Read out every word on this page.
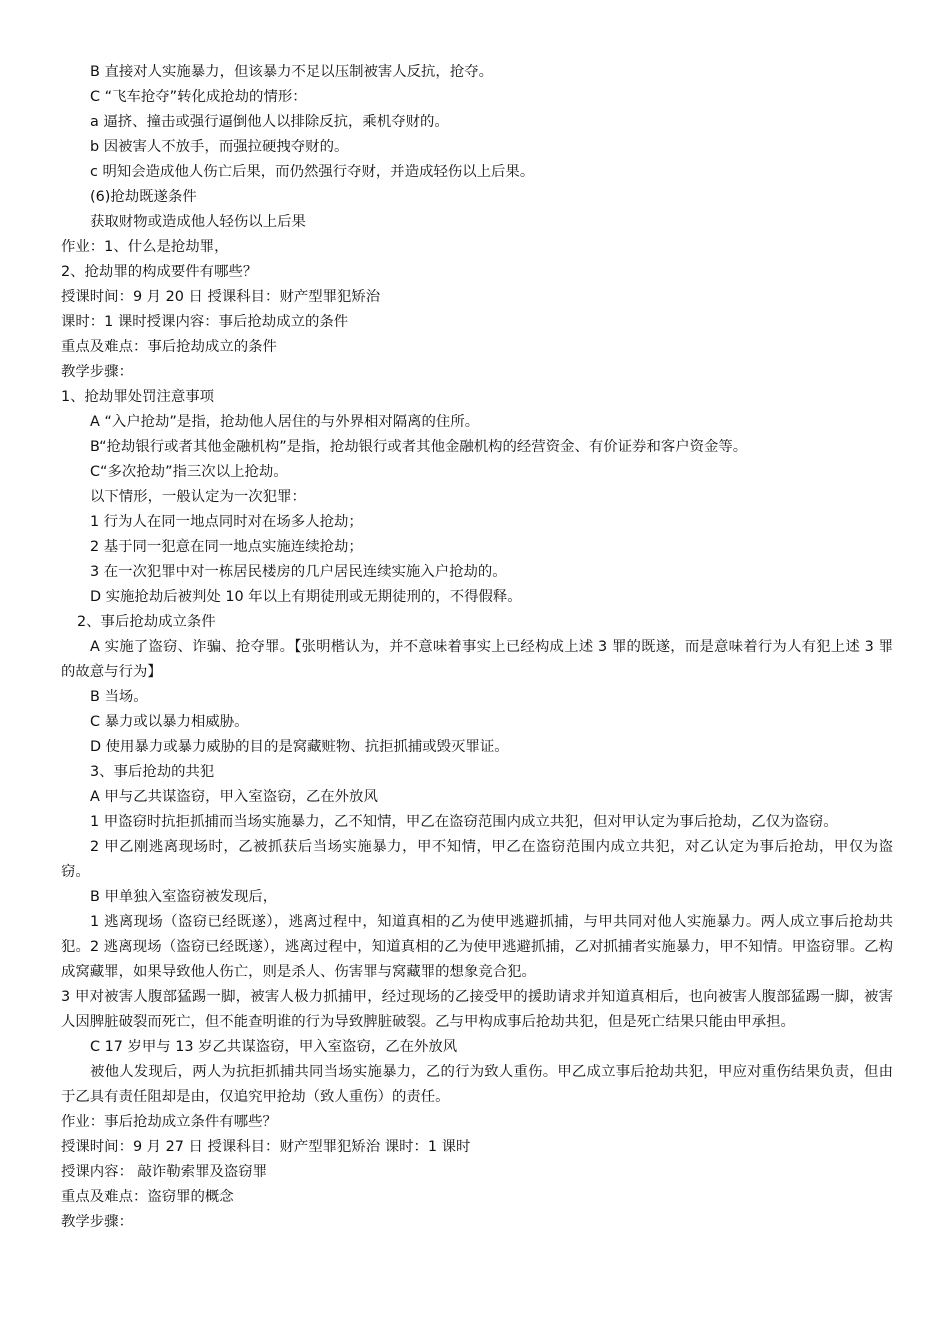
B 直接对人实施暴力，但该暴力不足以压制被害人反抗，抢夺。

C “飞车抢夺”转化成抢劫的情形：

a 逼挤、撞击或强行逼倒他人以排除反抗，乘机夺财的。

b 因被害人不放手，而强拉硬拽夺财的。

c 明知会造成他人伤亡后果，而仍然强行夺财，并造成轻伤以上后果。

(6)抢劫既遂条件

获取财物或造成他人轻伤以上后果

作业：1、什么是抢劫罪，

2、抢劫罪的构成要件有哪些？

授课时间：9 月 20 日 授课科目：财产型罪犯矫治

课时：1 课时授课内容：事后抢劫成立的条件

重点及难点：事后抢劫成立的条件

教学步骤：

1、抢劫罪处罚注意事项

A “入户抢劫”是指，抢劫他人居住的与外界相对隔离的住所。

B“抢劫银行或者其他金融机构”是指，抢劫银行或者其他金融机构的经营资金、有价证券和客户资金等。

C“多次抢劫”指三次以上抢劫。

以下情形，一般认定为一次犯罪：

1 行为人在同一地点同时对在场多人抢劫；

2 基于同一犯意在同一地点实施连续抢劫；

3 在一次犯罪中对一栋居民楼房的几户居民连续实施入户抢劫的。

D 实施抢劫后被判处 10 年以上有期徒刑或无期徒刑的，不得假释。

2、事后抢劫成立条件

A 实施了盗窃、诈骗、抢夺罪。【张明楷认为，并不意味着事实上已经构成上述 3 罪的既遂，而是意味着行为人有犯上述 3 罪的故意与行为】

B 当场。

C 暴力或以暴力相威胁。

D 使用暴力或暴力威胁的目的是窝藏赃物、抗拒抓捕或毁灭罪证。

3、事后抢劫的共犯

A 甲与乙共谋盗窃，甲入室盗窃，乙在外放风

1 甲盗窃时抗拒抓捕而当场实施暴力，乙不知情，甲乙在盗窃范围内成立共犯，但对甲认定为事后抢劫，乙仅为盗窃。

2 甲乙刚逃离现场时，乙被抓获后当场实施暴力，甲不知情，甲乙在盗窃范围内成立共犯，对乙认定为事后抢劫，甲仅为盗窃。

B 甲单独入室盗窃被发现后，

1 逃离现场（盗窃已经既遂），逃离过程中，知道真相的乙为使甲逃避抓捕，与甲共同对他人实施暴力。两人成立事后抢劫共犯。2 逃离现场（盗窃已经既遂），逃离过程中，知道真相的乙为使甲逃避抓捕，乙对抓捕者实施暴力，甲不知情。甲盗窃罪。乙构成窝藏罪，如果导致他人伤亡，则是杀人、伤害罪与窝藏罪的想象竞合犯。

3 甲对被害人腹部猛踢一脚，被害人极力抓捕甲，经过现场的乙接受甲的援助请求并知道真相后，也向被害人腹部猛踢一脚，被害人因脾脏破裂而死亡，但不能查明谁的行为导致脾脏破裂。乙与甲构成事后抢劫共犯，但是死亡结果只能由甲承担。

C 17 岁甲与 13 岁乙共谋盗窃，甲入室盗窃，乙在外放风

被他人发现后，两人为抗拒抓捕共同当场实施暴力，乙的行为致人重伤。甲乙成立事后抢劫共犯，甲应对重伤结果负责，但由于乙具有责任阻却是由，仅追究甲抢劫（致人重伤）的责任。

作业：事后抢劫成立条件有哪些？

授课时间：9 月 27 日 授课科目：财产型罪犯矫治 课时：1 课时

授课内容： 敲诈勒索罪及盗窃罪

重点及难点：盗窃罪的概念

教学步骤：
